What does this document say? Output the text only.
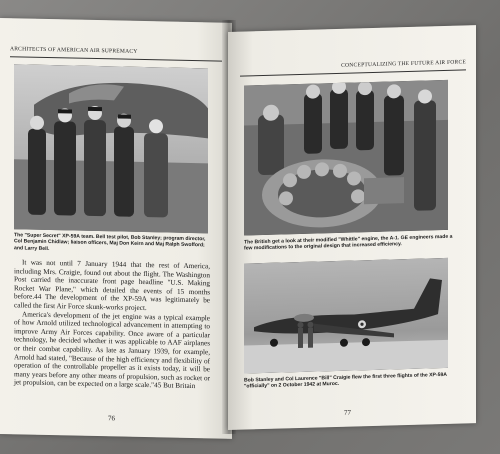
ARCHITECTS OF AMERICAN AIR SUPREMACY
The "Super Secret" XP-59A team. Bell test pilot, Bob Stanley; program director, Col Benjamin Chidlaw; liaison officers, Maj Don Keirn and Maj Ralph Swofford; and Larry Bell.

It was not until 7 January 1944 that the rest of America, including Mrs. Craigie, found out about the flight. The Washington Post carried the inaccurate front page headline "U.S. Making Rocket War Plane," which detailed the events of 15 months before.44 The development of the XP-59A was legitimately be called the first Air Force skunk-works project.

America's development of the jet engine was a typical example of how Arnold utilized technological advancement in attempting to improve Army Air Forces capability. Once aware of a particular technology, he decided whether it was applicable to AAF airplanes or their combat capability. As late as January 1939, for example, Arnold had stated, "Because of the high efficiency and flexibility of operation of the controllable propeller as it exists today, it will be many years before any other means of propulsion, such as rocket or jet propulsion, can be expected on a large scale."45 But Britain

76
CONCEPTUALIZING THE FUTURE AIR FORCE

The British get a look at their modified "Whittle" engine, the A-1. GE engineers made a few modifications to the original design that increased efficiency.
Bob Stanley and Col Laurence "Bill" Craigie flew the first three flights of the XP-59A "officially" on 2 October 1942 at Muroc.
77
